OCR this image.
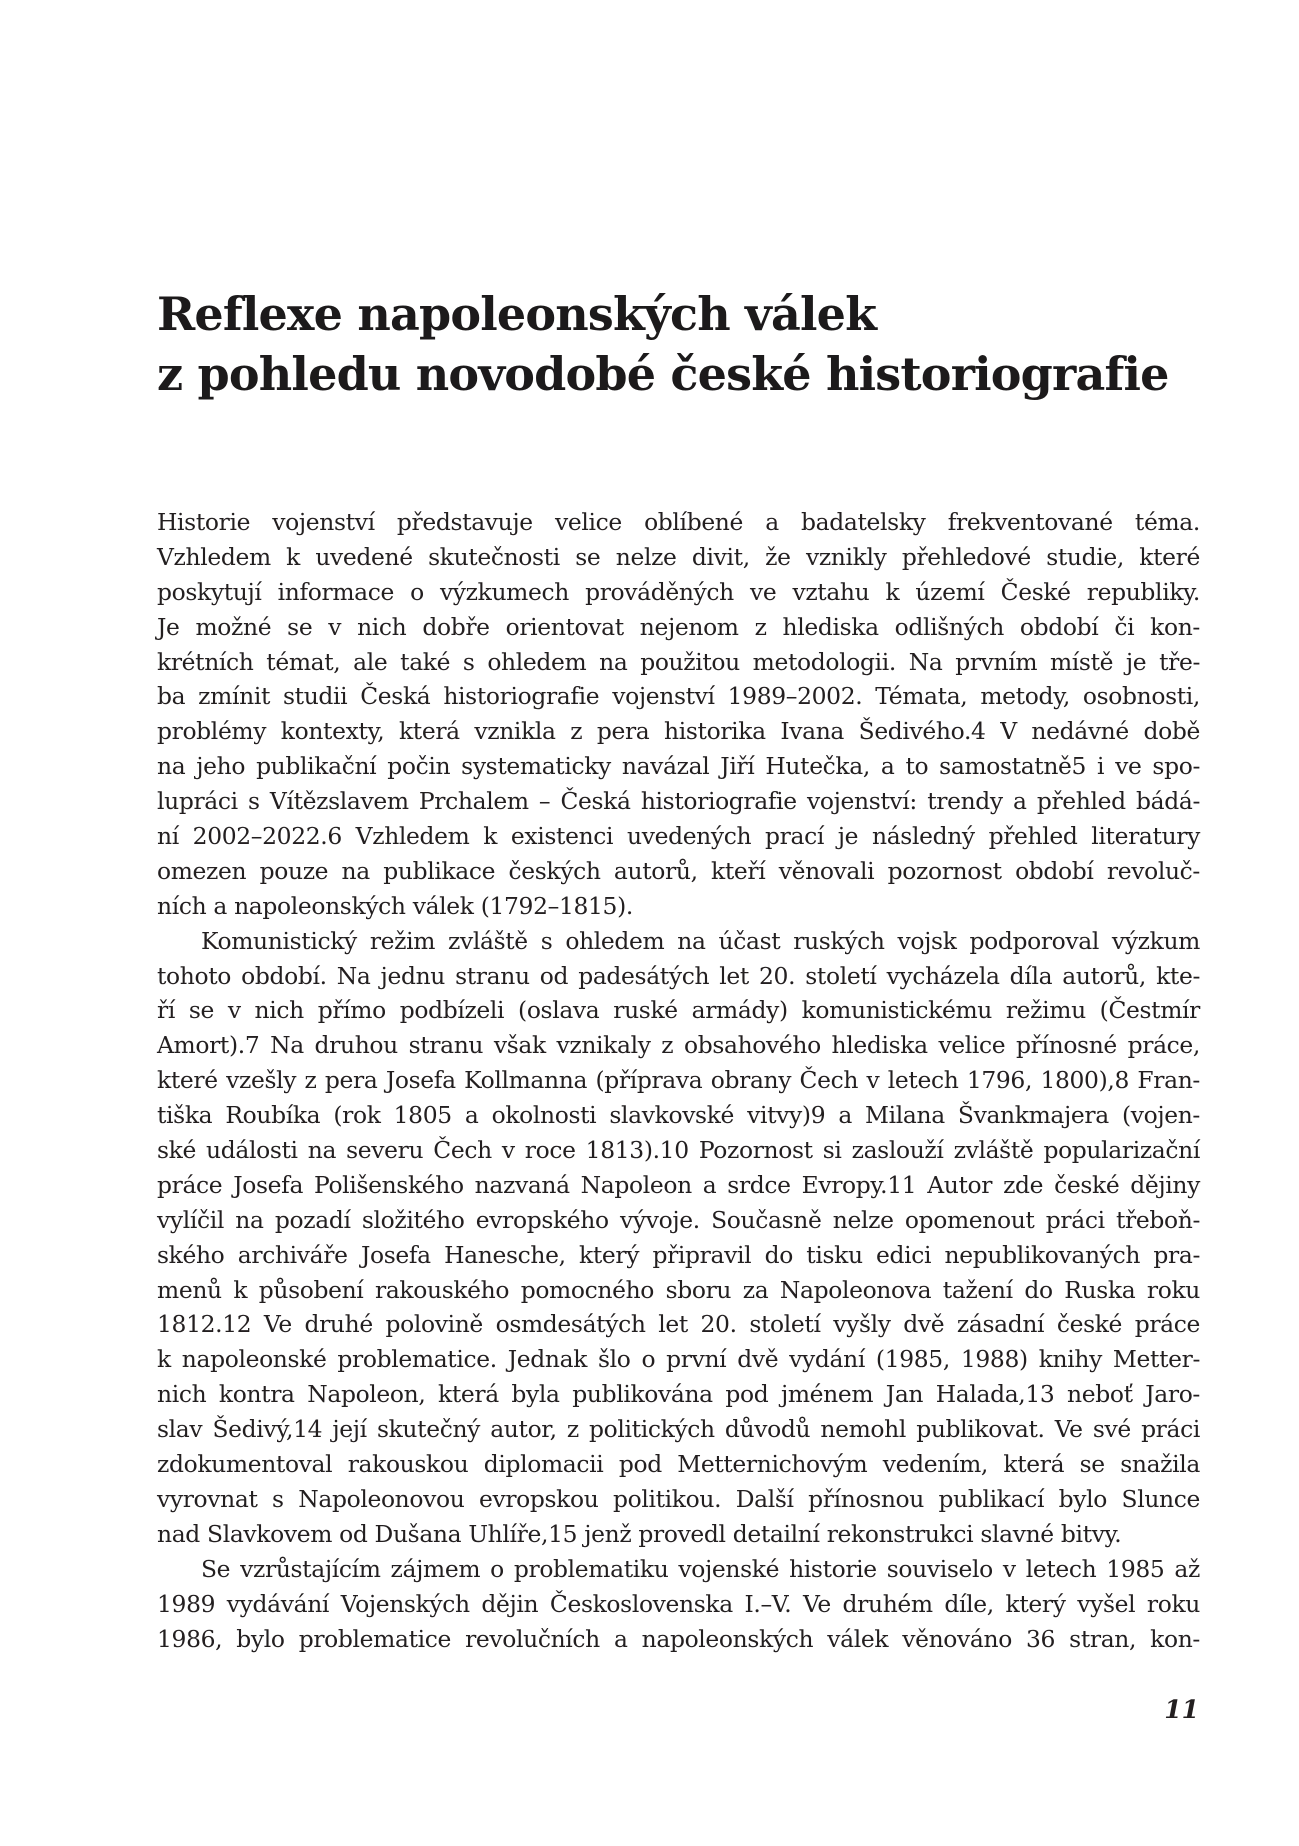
Reflexe napoleonských válek
z pohledu novodobé české historiografie
Historie vojenství představuje velice oblíbené a badatelsky frekventované téma.
Vzhledem k uvedené skutečnosti se nelze divit, že vznikly přehledové studie, které
poskytují informace o výzkumech prováděných ve vztahu k území České republiky.
Je možné se v nich dobře orientovat nejenom z hlediska odlišných období či kon-
krétních témat, ale také s ohledem na použitou metodologii. Na prvním místě je tře-
ba zmínit studii Česká historiografie vojenství 1989–2002. Témata, metody, osobnosti,
problémy kontexty, která vznikla z pera historika Ivana Šedivého.4 V nedávné době
na jeho publikační počin systematicky navázal Jiří Hutečka, a to samostatně5 i ve spo-
lupráci s Vítězslavem Prchalem – Česká historiografie vojenství: trendy a přehled bádá-
ní 2002–2022.6 Vzhledem k existenci uvedených prací je následný přehled literatury
omezen pouze na publikace českých autorů, kteří věnovali pozornost období revoluč-
ních a napoleonských válek (1792–1815).
Komunistický režim zvláště s ohledem na účast ruských vojsk podporoval výzkum
tohoto období. Na jednu stranu od padesátých let 20. století vycházela díla autorů, kte-
ří se v nich přímo podbízeli (oslava ruské armády) komunistickému režimu (Čestmír
Amort).7 Na druhou stranu však vznikaly z obsahového hlediska velice přínosné práce,
které vzešly z pera Josefa Kollmanna (příprava obrany Čech v letech 1796, 1800),8 Fran-
tiška Roubíka (rok 1805 a okolnosti slavkovské vitvy)9 a Milana Švankmajera (vojen-
ské události na severu Čech v roce 1813).10 Pozornost si zaslouží zvláště popularizační
práce Josefa Polišenského nazvaná Napoleon a srdce Evropy.11 Autor zde české dějiny
vylíčil na pozadí složitého evropského vývoje. Současně nelze opomenout práci třeboň-
ského archiváře Josefa Hanesche, který připravil do tisku edici nepublikovaných pra-
menů k působení rakouského pomocného sboru za Napoleonova tažení do Ruska roku
1812.12 Ve druhé polovině osmdesátých let 20. století vyšly dvě zásadní české práce
k napoleonské problematice. Jednak šlo o první dvě vydání (1985, 1988) knihy Metter-
nich kontra Napoleon, která byla publikována pod jménem Jan Halada,13 neboť Jaro-
slav Šedivý,14 její skutečný autor, z politických důvodů nemohl publikovat. Ve své práci
zdokumentoval rakouskou diplomacii pod Metternichovým vedením, která se snažila
vyrovnat s Napoleonovou evropskou politikou. Další přínosnou publikací bylo Slunce
nad Slavkovem od Dušana Uhlíře,15 jenž provedl detailní rekonstrukci slavné bitvy.
Se vzrůstajícím zájmem o problematiku vojenské historie souviselo v letech 1985 až
1989 vydávání Vojenských dějin Československa I.–V. Ve druhém díle, který vyšel roku
1986, bylo problematice revolučních a napoleonských válek věnováno 36 stran, kon-
11
